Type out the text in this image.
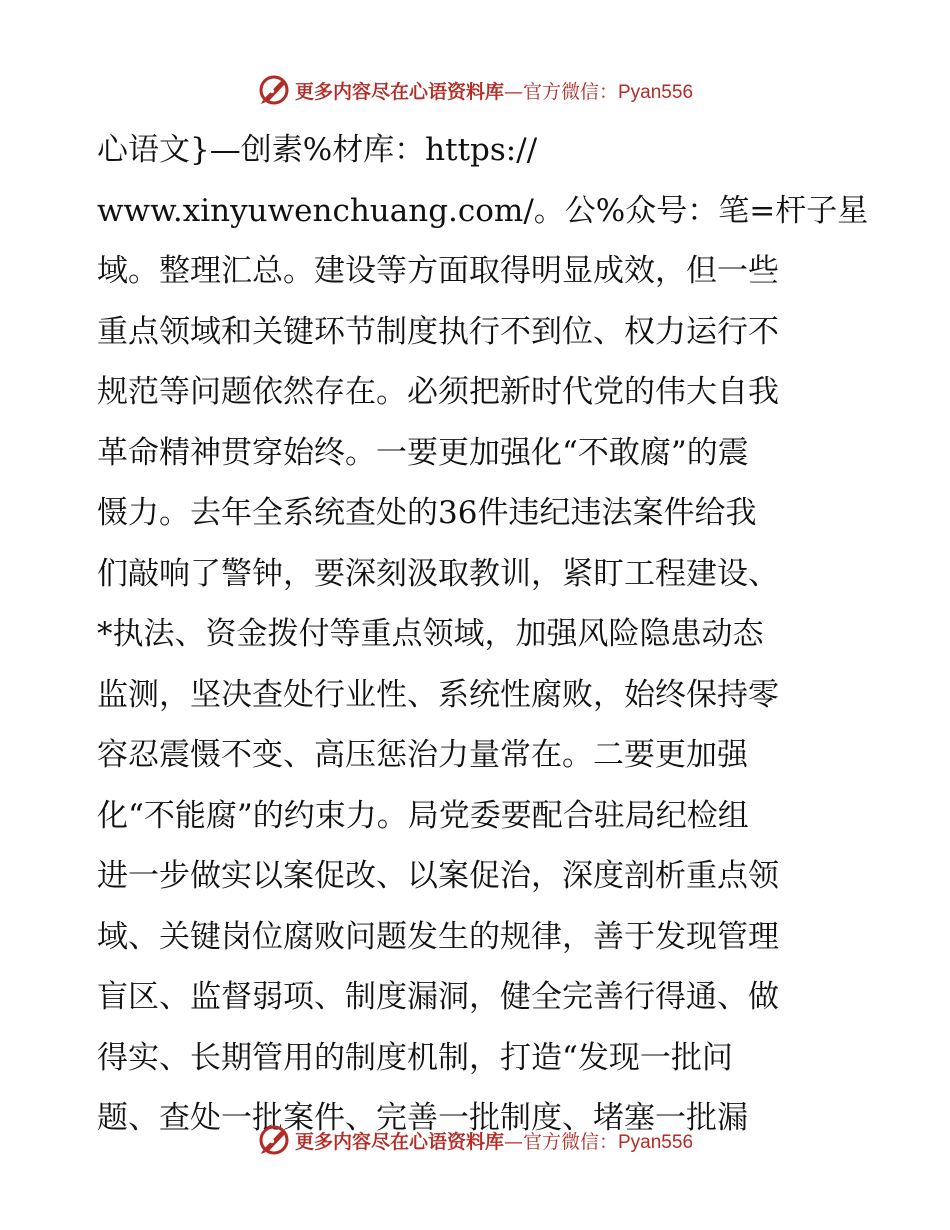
更多内容尽在心语资料库—官方微信：Pyan556
心语文}—创素%材库：https://
www.xinyuwenchuang.com/。公%众号：笔=杆子星
域。整理汇总。建设等方面取得明显成效，但一些
重点领域和关键环节制度执行不到位、权力运行不
规范等问题依然存在。必须把新时代党的伟大自我
革命精神贯穿始终。一要更加强化“不敢腐”的震
慑力。去年全系统查处的36件违纪违法案件给我
们敲响了警钟，要深刻汲取教训，紧盯工程建设、
*执法、资金拨付等重点领域，加强风险隐患动态
监测，坚决查处行业性、系统性腐败，始终保持零
容忍震慑不变、高压惩治力量常在。二要更加强
化“不能腐”的约束力。局党委要配合驻局纪检组
进一步做实以案促改、以案促治，深度剖析重点领
域、关键岗位腐败问题发生的规律，善于发现管理
盲区、监督弱项、制度漏洞，健全完善行得通、做
得实、长期管用的制度机制，打造“发现一批问
题、查处一批案件、完善一批制度、堵塞一批漏
更多内容尽在心语资料库—官方微信：Pyan556
